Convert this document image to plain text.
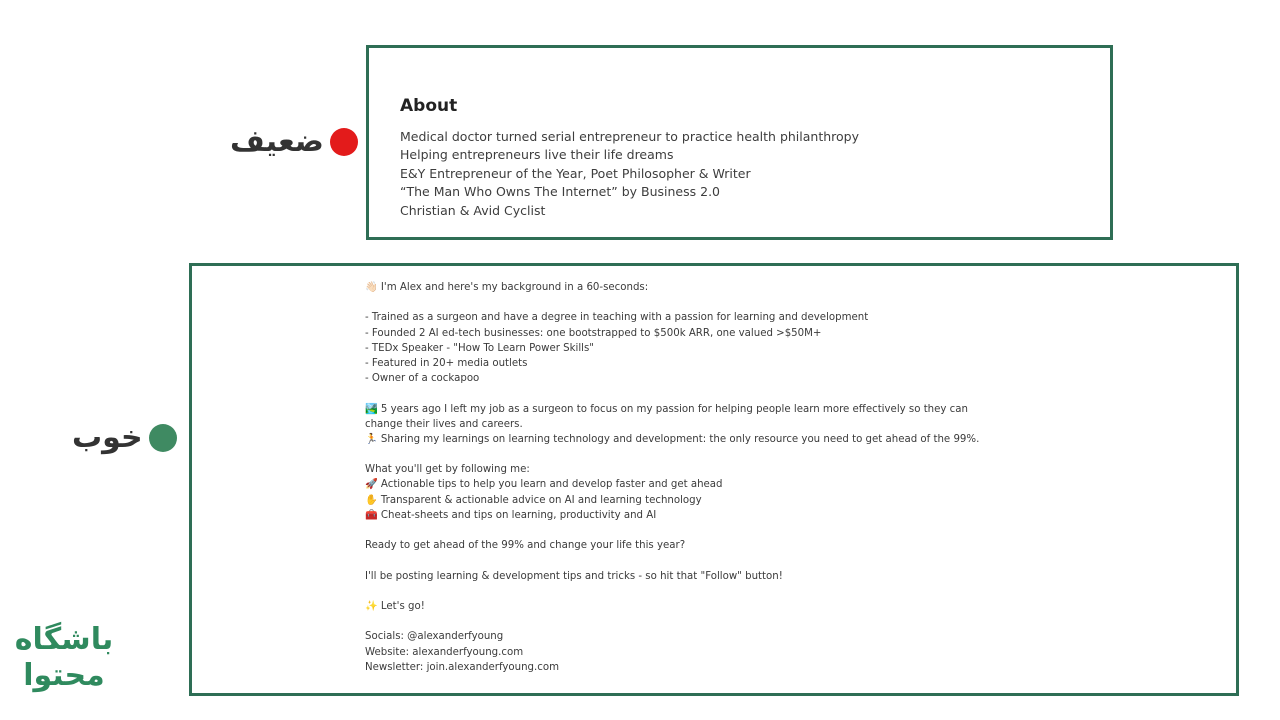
ضعیف
About
Medical doctor turned serial entrepreneur to practice health philanthropy
Helping entrepreneurs live their life dreams
E&Y Entrepreneur of the Year, Poet Philosopher & Writer
“The Man Who Owns The Internet” by Business 2.0
Christian & Avid Cyclist
خوب
👋🏻 I'm Alex and here's my background in a 60-seconds:
- Trained as a surgeon and have a degree in teaching with a passion for learning and development
- Founded 2 AI ed-tech businesses: one bootstrapped to $500k ARR, one valued >$50M+
- TEDx Speaker - "How To Learn Power Skills"
- Featured in 20+ media outlets
- Owner of a cockapoo
🏞️ 5 years ago I left my job as a surgeon to focus on my passion for helping people learn more effectively so they can
change their lives and careers.
🏃 Sharing my learnings on learning technology and development: the only resource you need to get ahead of the 99%.
What you'll get by following me:
🚀 Actionable tips to help you learn and develop faster and get ahead
✋ Transparent & actionable advice on AI and learning technology
🧰 Cheat-sheets and tips on learning, productivity and AI
Ready to get ahead of the 99% and change your life this year?
I'll be posting learning & development tips and tricks - so hit that "Follow" button!
✨ Let's go!
Socials: @alexanderfyoung
Website: alexanderfyoung.com
Newsletter: join.alexanderfyoung.com
باشگاه
محتوا
